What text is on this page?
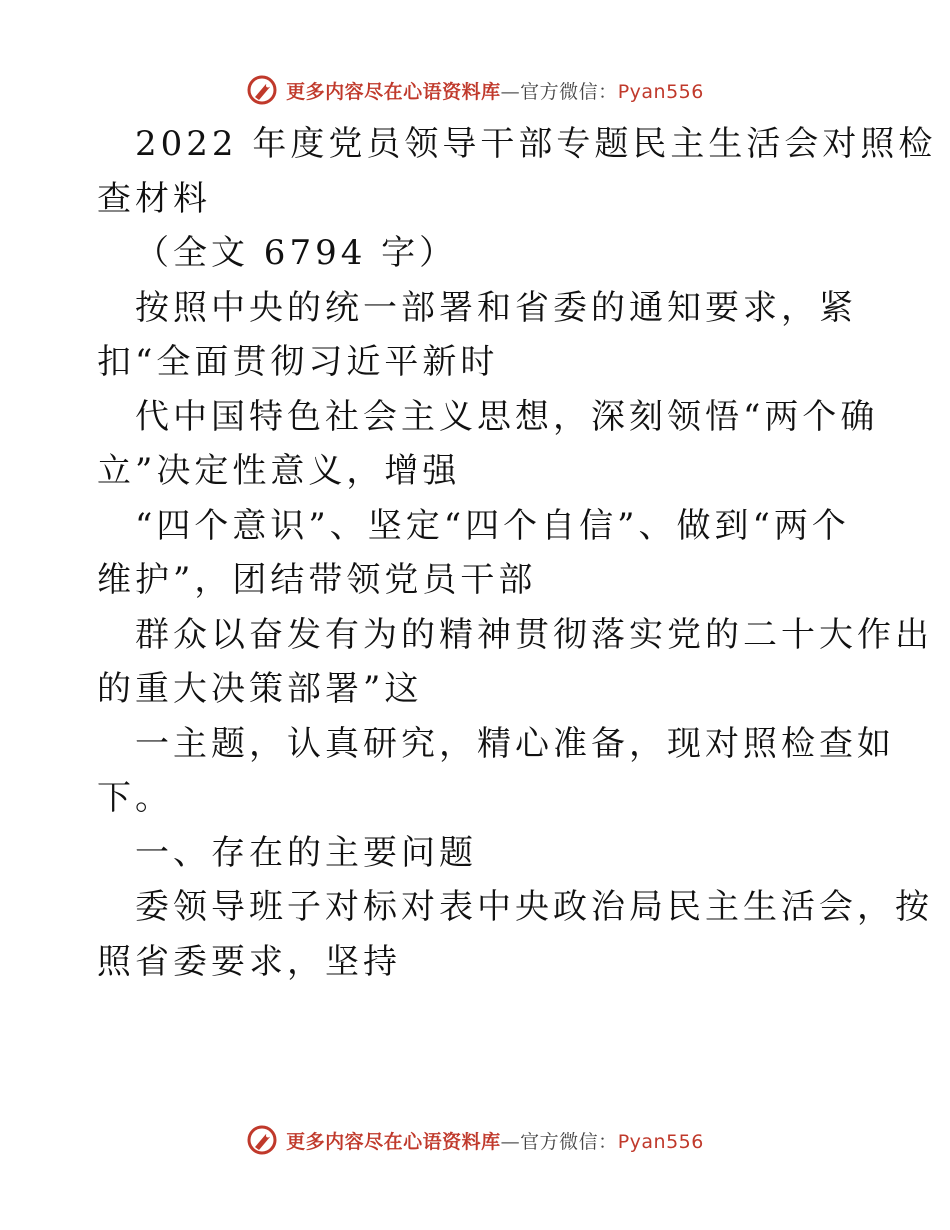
更多内容尽在心语资料库—官方微信：Pyan556
2022 年度党员领导干部专题民主生活会对照检
查材料
（全文 6794 字）
按照中央的统一部署和省委的通知要求，紧
扣“全面贯彻习近平新时
代中国特色社会主义思想，深刻领悟“两个确
立”决定性意义，增强
“四个意识”、坚定“四个自信”、做到“两个
维护”，团结带领党员干部
群众以奋发有为的精神贯彻落实党的二十大作出
的重大决策部署”这
一主题，认真研究，精心准备，现对照检查如
下。
一、存在的主要问题
委领导班子对标对表中央政治局民主生活会，按
照省委要求，坚持
更多内容尽在心语资料库—官方微信：Pyan556
